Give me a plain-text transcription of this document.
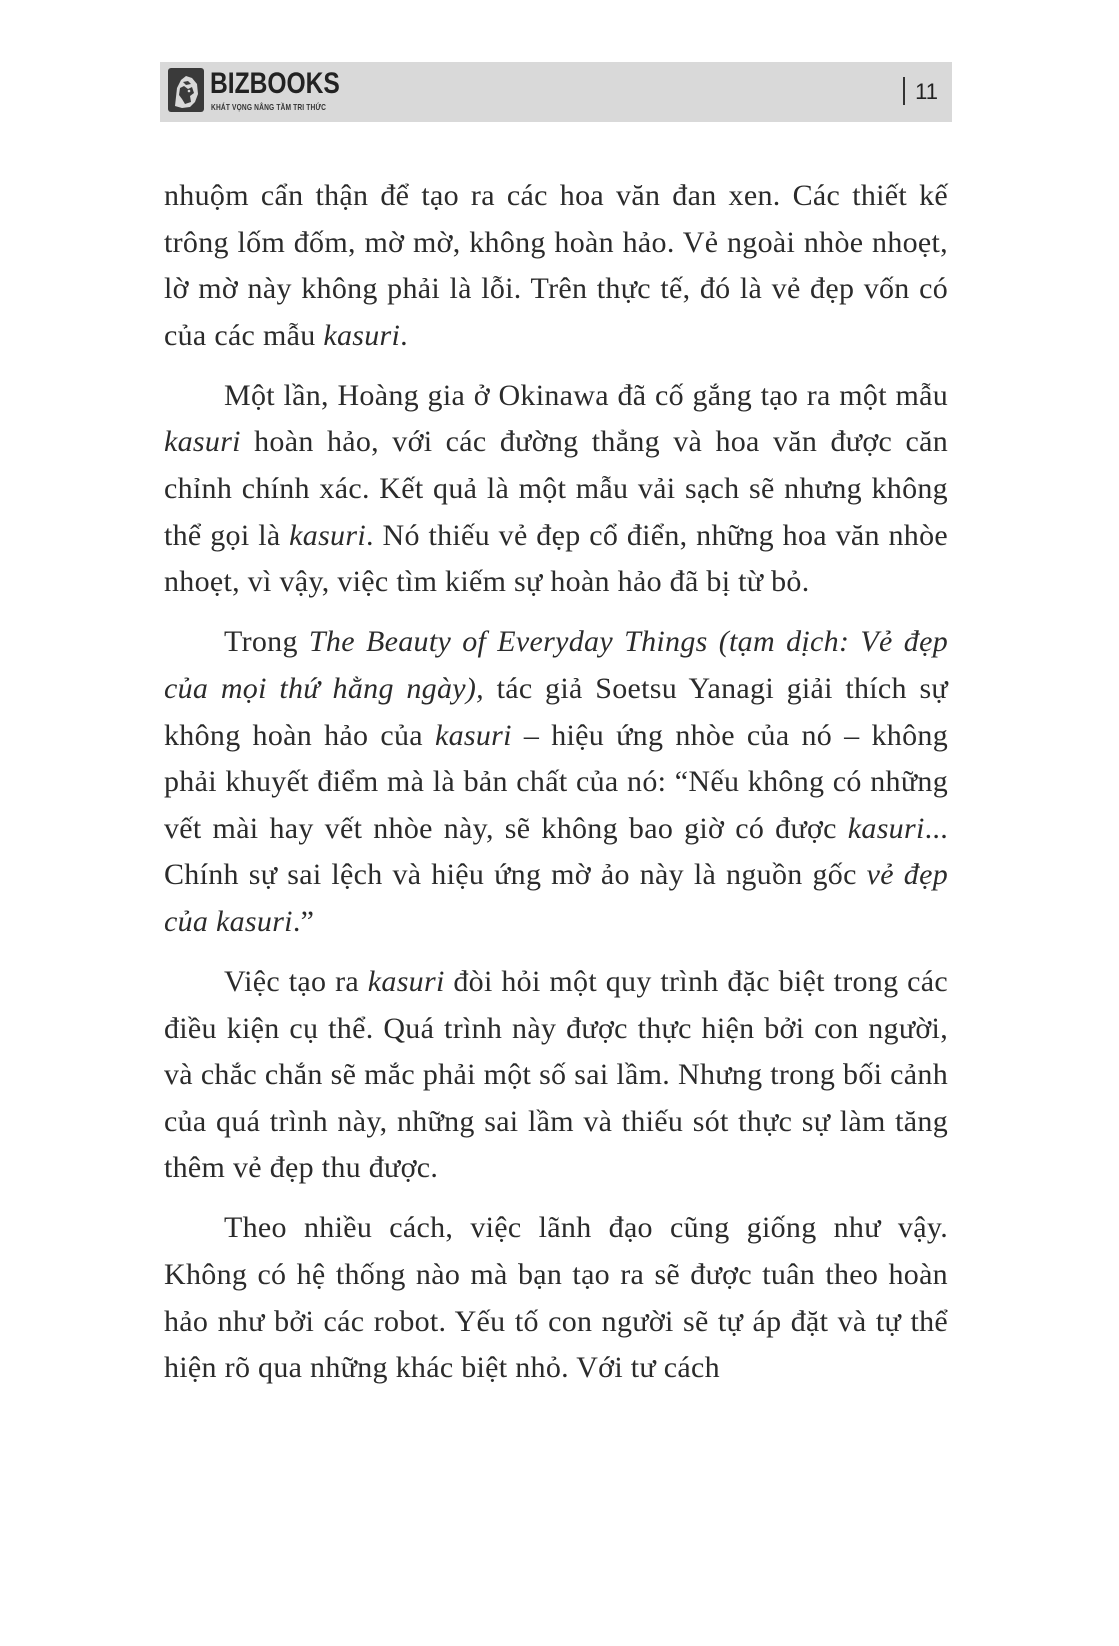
BIZBOOKS
KHÁT VỌNG NÂNG TẦM TRI THỨC
11

nhuộm cẩn thận để tạo ra các hoa văn đan xen. Các thiết kế trông lốm đốm, mờ mờ, không hoàn hảo. Vẻ ngoài nhòe nhoẹt, lờ mờ này không phải là lỗi. Trên thực tế, đó là vẻ đẹp vốn có của các mẫu kasuri.

Một lần, Hoàng gia ở Okinawa đã cố gắng tạo ra một mẫu kasuri hoàn hảo, với các đường thẳng và hoa văn được căn chỉnh chính xác. Kết quả là một mẫu vải sạch sẽ nhưng không thể gọi là kasuri. Nó thiếu vẻ đẹp cổ điển, những hoa văn nhòe nhoẹt, vì vậy, việc tìm kiếm sự hoàn hảo đã bị từ bỏ.

Trong The Beauty of Everyday Things (tạm dịch: Vẻ đẹp của mọi thứ hằng ngày), tác giả Soetsu Yanagi giải thích sự không hoàn hảo của kasuri – hiệu ứng nhòe của nó – không phải khuyết điểm mà là bản chất của nó: “Nếu không có những vết mài hay vết nhòe này, sẽ không bao giờ có được kasuri... Chính sự sai lệch và hiệu ứng mờ ảo này là nguồn gốc vẻ đẹp của kasuri.”

Việc tạo ra kasuri đòi hỏi một quy trình đặc biệt trong các điều kiện cụ thể. Quá trình này được thực hiện bởi con người, và chắc chắn sẽ mắc phải một số sai lầm. Nhưng trong bối cảnh của quá trình này, những sai lầm và thiếu sót thực sự làm tăng thêm vẻ đẹp thu được.

Theo nhiều cách, việc lãnh đạo cũng giống như vậy. Không có hệ thống nào mà bạn tạo ra sẽ được tuân theo hoàn hảo như bởi các robot. Yếu tố con người sẽ tự áp đặt và tự thể hiện rõ qua những khác biệt nhỏ. Với tư cách
